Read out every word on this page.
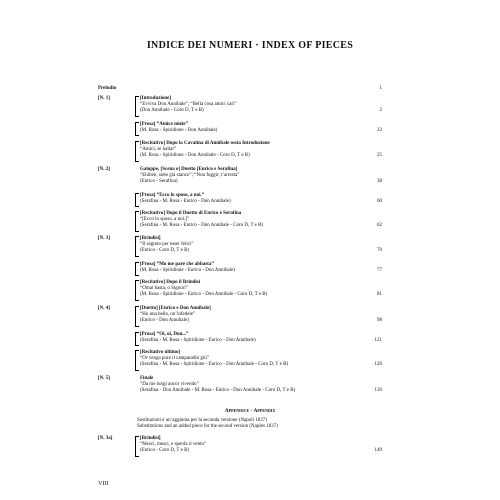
INDICE DEI NUMERI · INDEX OF PIECES
Preludio	1
[N. 1]	[Introduzione]
“Evviva Don Annibale”; “Bella cosa amici cari”
(Don Annibale - Coro D, T e B)	2
[Prosa] “Amice mieie”
(M. Rosa - Spiridione - Don Annibale)	22
[Recitativo] Dopo la Cavatina di Annibale ossia Introduzione
“Amici, se ballar”
(M. Rosa - Spiridione - Don Annibale - Coro D, T e B)	25
[N. 2]	Galoppe, [Scena e] Duetto [Enrico e Serafina]
“Ehiben, siete già stanco”; “Non fuggir, t’arresta”
(Enrico - Serafina)	38
[Prosa] “Ecco lo sposo, a noi.”
(Serafina - M. Rosa - Enrico - Don Annibale)	60
[Recitativo] Dopo il Duetto di Enrico e Serafina
“[Ecco lo sposo, a noi.]”
(Serafina - M. Rosa - Enrico - Don Annibale - Coro D, T e B)	62
[N. 3]	[Brindisi]
“Il segreto per esser felici”
(Enrico - Coro D, T e B)	70
[Prosa] “Mo me pare che abbasta”
(M. Rosa - Spiridione - Enrico - Don Annibale)	77
[Recitativo] Dopo il Brindisi
“Omai basta, o Signori”
(M. Rosa - Spiridione - Enrico - Don Annibale - Coro D, T e B)	81
[N. 4]	[Duetto] [Enrico e Don Annibale]
“Ho una bella, un’infedele”
(Enrico - Don Annibale)	98
[Prosa] “Oi, oi, Don...”
(Serafina - M. Rosa - Spiridione - Enrico - Don Annibale)	121
[Recitativo ultimo]
“Or venga pure il campanello giù”
(Serafina - M. Rosa - Spiridione - Enrico - Don Annibale - Coro D, T e B)	126
[N. 5]	Finale
“Da me lungi ancor vivendo”
(Serafina - Don Annibale - M. Rosa - Enrico - Don Annibale - Coro D, T e B)	130
Appendice · Appendix
Sostituzioni e un’aggiunta per la seconda versione (Napoli 1837)
Substitutions and an added piece for the second version (Naples 1837)
[N. 3a]	[Brindisi]
“Mesci, mesci, e sperda il vento”
(Enrico - Coro D, T e B)	149
VIII
